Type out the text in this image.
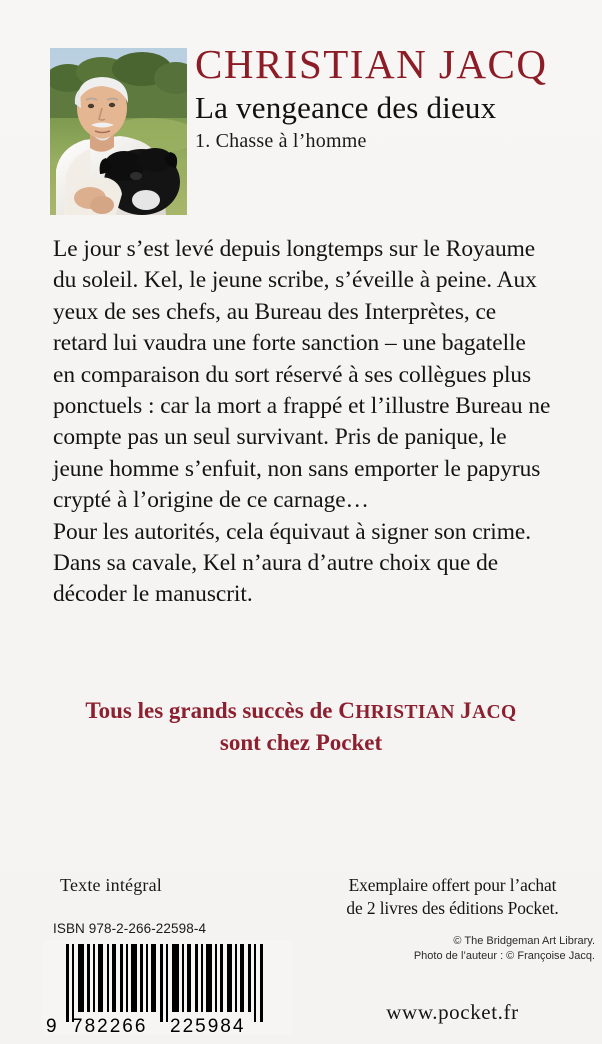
CHRISTIAN JACQ
La vengeance des dieux
1. Chasse à l’homme

Le jour s’est levé depuis longtemps sur le Royaume du soleil. Kel, le jeune scribe, s’éveille à peine. Aux yeux de ses chefs, au Bureau des Interprètes, ce retard lui vaudra une forte sanction – une bagatelle en comparaison du sort réservé à ses collègues plus ponctuels : car la mort a frappé et l’illustre Bureau ne compte pas un seul survivant. Pris de panique, le jeune homme s’enfuit, non sans emporter le papyrus crypté à l’origine de ce carnage…

Pour les autorités, cela équivaut à signer son crime. Dans sa cavale, Kel n’aura d’autre choix que de décoder le manuscrit.

Tous les grands succès de CHRISTIAN JACQ
sont chez Pocket
Texte intégral
ISBN 978-2-266-22598-4
9 782266 225984
Exemplaire offert pour l’achat
de 2 livres des éditions Pocket.
© The Bridgeman Art Library.
Photo de l’auteur : © Françoise Jacq.
www.pocket.fr
